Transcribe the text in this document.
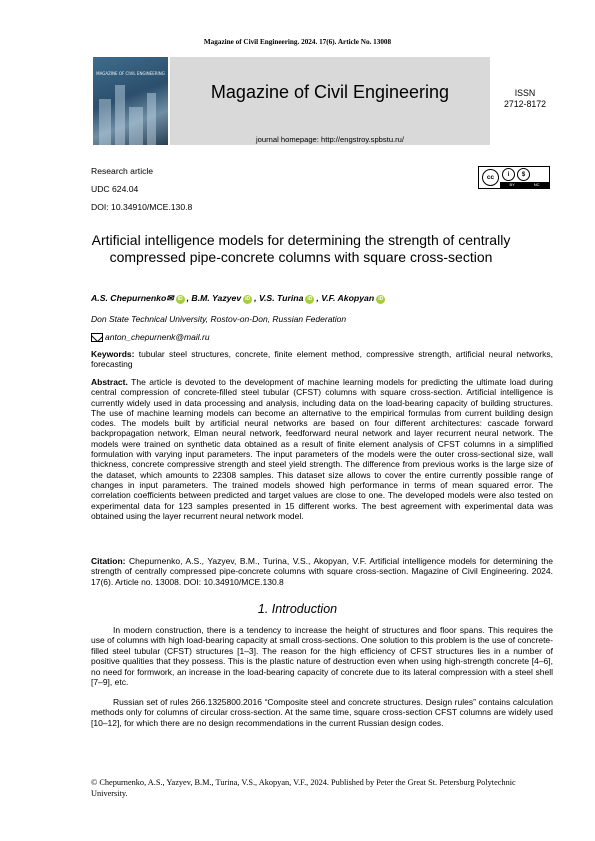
Magazine of Civil Engineering. 2024. 17(6). Article No. 13008
MAGAZINE OF CIVIL ENGINEERING
Magazine of Civil Engineering
journal homepage: http://engstroy.spbstu.ru/
ISSN
2712-8172
Research article
UDC 624.04
DOI: 10.34910/MCE.130.8
cc	i	$
BY	NC
Artificial intelligence models for determining the strength of centrally compressed pipe-concrete columns with square cross-section
A.S. Chepurnenko✉ iD , B.M. Yazyev iD , V.S. Turina iD , V.F. Akopyan iD
Don State Technical University, Rostov-on-Don, Russian Federation
anton_chepurnenk@mail.ru
Keywords: tubular steel structures, concrete, finite element method, compressive strength, artificial neural networks, forecasting
Abstract. The article is devoted to the development of machine learning models for predicting the ultimate load during central compression of concrete-filled steel tubular (CFST) columns with square cross-section. Artificial intelligence is currently widely used in data processing and analysis, including data on the load-bearing capacity of building structures. The use of machine learning models can become an alternative to the empirical formulas from current building design codes. The models built by artificial neural networks are based on four different architectures: cascade forward backpropagation network, Elman neural network, feedforward neural network and layer recurrent neural network. The models were trained on synthetic data obtained as a result of finite element analysis of CFST columns in a simplified formulation with varying input parameters. The input parameters of the models were the outer cross-sectional size, wall thickness, concrete compressive strength and steel yield strength. The difference from previous works is the large size of the dataset, which amounts to 22308 samples. This dataset size allows to cover the entire currently possible range of changes in input parameters. The trained models showed high performance in terms of mean squared error. The correlation coefficients between predicted and target values are close to one. The developed models were also tested on experimental data for 123 samples presented in 15 different works. The best agreement with experimental data was obtained using the layer recurrent neural network model.
Citation: Chepurnenko, A.S., Yazyev, B.M., Turina, V.S., Akopyan, V.F. Artificial intelligence models for determining the strength of centrally compressed pipe-concrete columns with square cross-section. Magazine of Civil Engineering. 2024. 17(6). Article no. 13008. DOI: 10.34910/MCE.130.8
1. Introduction
In modern construction, there is a tendency to increase the height of structures and floor spans. This requires the use of columns with high load-bearing capacity at small cross-sections. One solution to this problem is the use of concrete-filled steel tubular (CFST) structures [1–3]. The reason for the high efficiency of CFST structures lies in a number of positive qualities that they possess. This is the plastic nature of destruction even when using high-strength concrete [4–6], no need for formwork, an increase in the load-bearing capacity of concrete due to its lateral compression with a steel shell [7–9], etc.
Russian set of rules 266.1325800.2016 “Composite steel and concrete structures. Design rules” contains calculation methods only for columns of circular cross-section. At the same time, square cross-section CFST columns are widely used [10–12], for which there are no design recommendations in the current Russian design codes.
© Chepurnenko, A.S., Yazyev, B.M., Turina, V.S., Akopyan, V.F., 2024. Published by Peter the Great St. Petersburg Polytechnic University.
